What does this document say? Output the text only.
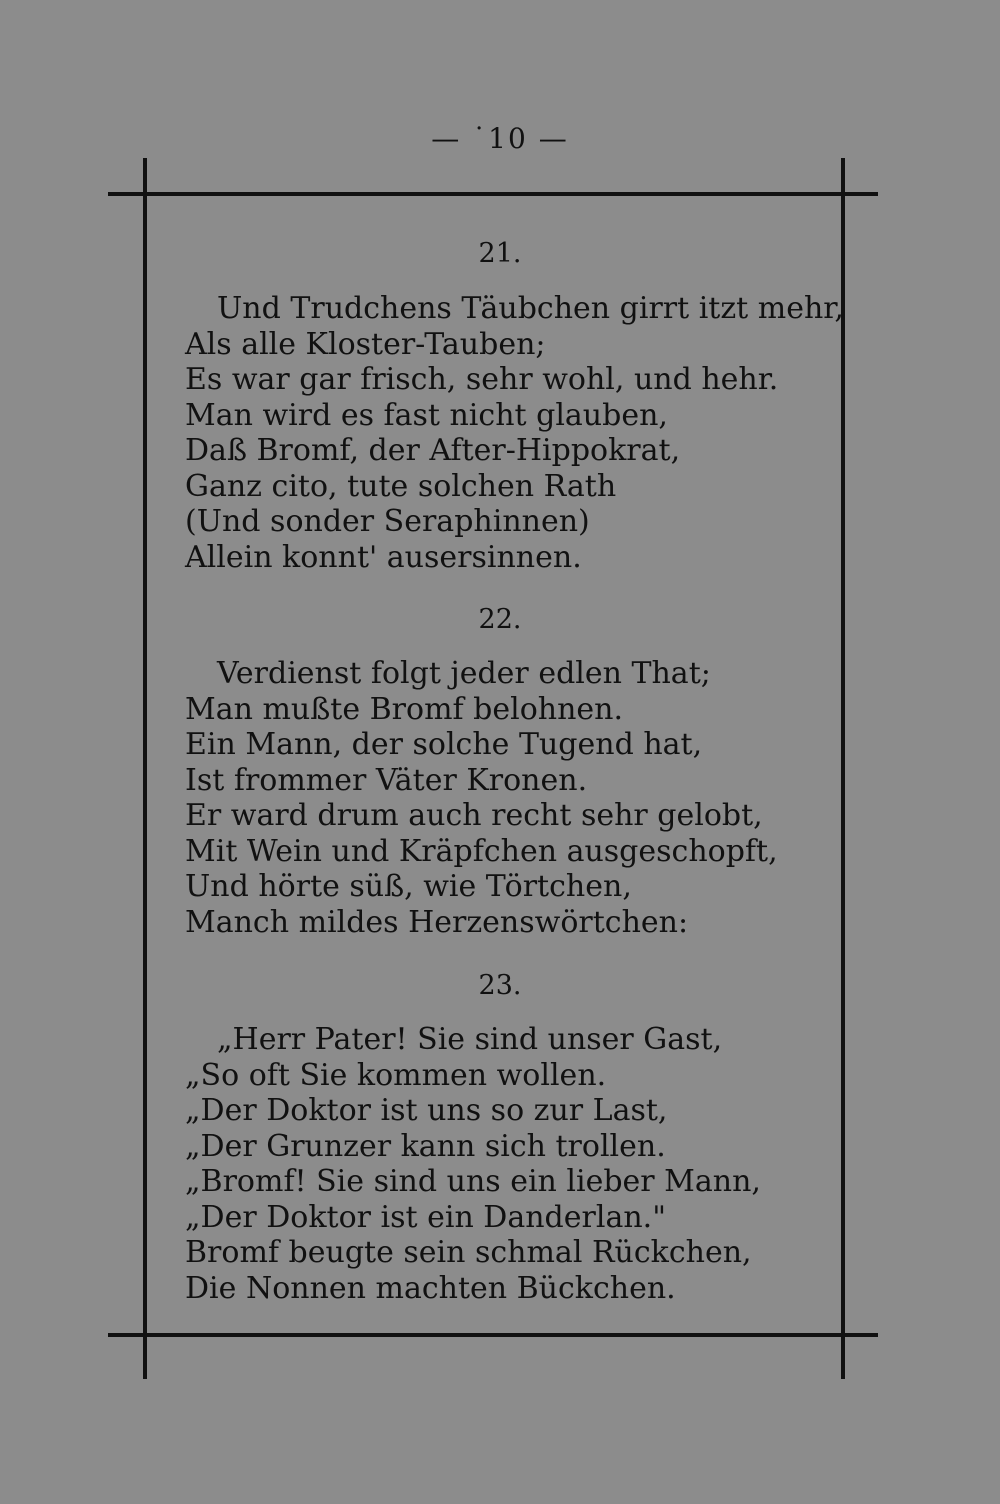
— ˙10 —
21.
Und Trudchens Täubchen girrt itzt mehr,
Als alle Kloster-Tauben;
Es war gar frisch, sehr wohl, und hehr.
Man wird es fast nicht glauben,
Daß Bromf, der After-Hippokrat,
Ganz cito, tute solchen Rath
(Und sonder Seraphinnen)
Allein konnt' ausersinnen.
22.
Verdienst folgt jeder edlen That;
Man mußte Bromf belohnen.
Ein Mann, der solche Tugend hat,
Ist frommer Väter Kronen.
Er ward drum auch recht sehr gelobt,
Mit Wein und Kräpfchen ausgeschopft,
Und hörte süß, wie Törtchen,
Manch mildes Herzenswörtchen:
23.
„Herr Pater! Sie sind unser Gast,
„So oft Sie kommen wollen.
„Der Doktor ist uns so zur Last,
„Der Grunzer kann sich trollen.
„Bromf! Sie sind uns ein lieber Mann,
„Der Doktor ist ein Danderlan."
Bromf beugte sein schmal Rückchen,
Die Nonnen machten Bückchen.
